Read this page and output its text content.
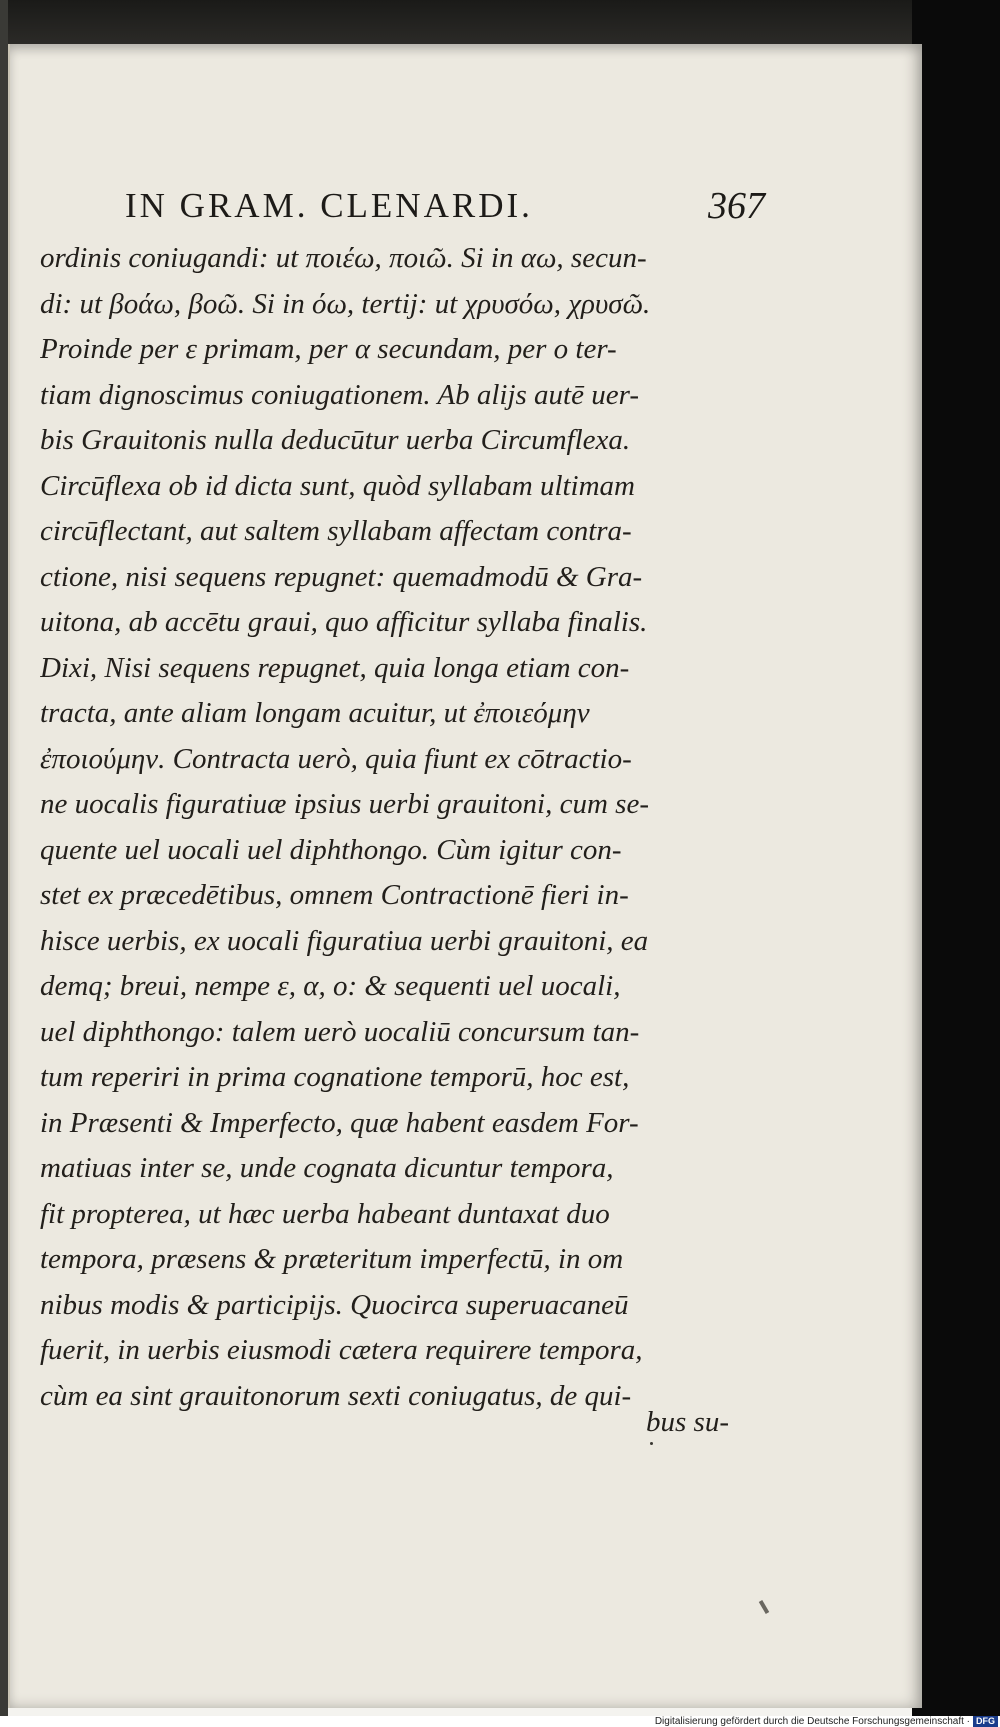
IN GRAM. CLENARDI.	367
ordinis coniugandi: ut ποιέω, ποιῶ. Si in αω, secun-
di: ut βοάω, βοῶ. Si in όω, tertij: ut χρυσόω, χρυσῶ.
Proinde per ε primam, per α secundam, per ο ter-
tiam dignoscimus coniugationem. Ab alijs autē uer-
bis Grauitonis nulla deducūtur uerba Circumflexa.
Circūflexa ob id dicta sunt, quòd syllabam ultimam
circūflectant, aut saltem syllabam affectam contra-
ctione, nisi sequens repugnet: quemadmodū & Gra-
uitona, ab accētu graui, quo afficitur syllaba finalis.
Dixi, Nisi sequens repugnet, quia longa etiam con-
tracta, ante aliam longam acuitur, ut ἐποιεόμην
ἐποιούμην. Contracta uerò, quia fiunt ex cōtractio-
ne uocalis figuratiuæ ipsius uerbi grauitoni, cum se-
quente uel uocali uel diphthongo. Cùm igitur con-
stet ex præcedētibus, omnem Contractionē fieri in-
hisce uerbis, ex uocali figuratiua uerbi grauitoni, ea
demq; breui, nempe ε, α, ο: & sequenti uel uocali,
uel diphthongo: talem uerò uocaliū concursum tan-
tum reperiri in prima cognatione temporū, hoc est,
in Præsenti & Imperfecto, quæ habent easdem For-
matiuas inter se, unde cognata dicuntur tempora,
fit propterea, ut hæc uerba habeant duntaxat duo
tempora, præsens & præteritum imperfectū, in om
nibus modis & participijs. Quocirca superuacaneū
fuerit, in uerbis eiusmodi cætera requirere tempora,
cùm ea sint grauitonorum sexti coniugatus, de qui-
bus su-
Digitalisierung gefördert durch die Deutsche Forschungsgemeinschaft · DFG
